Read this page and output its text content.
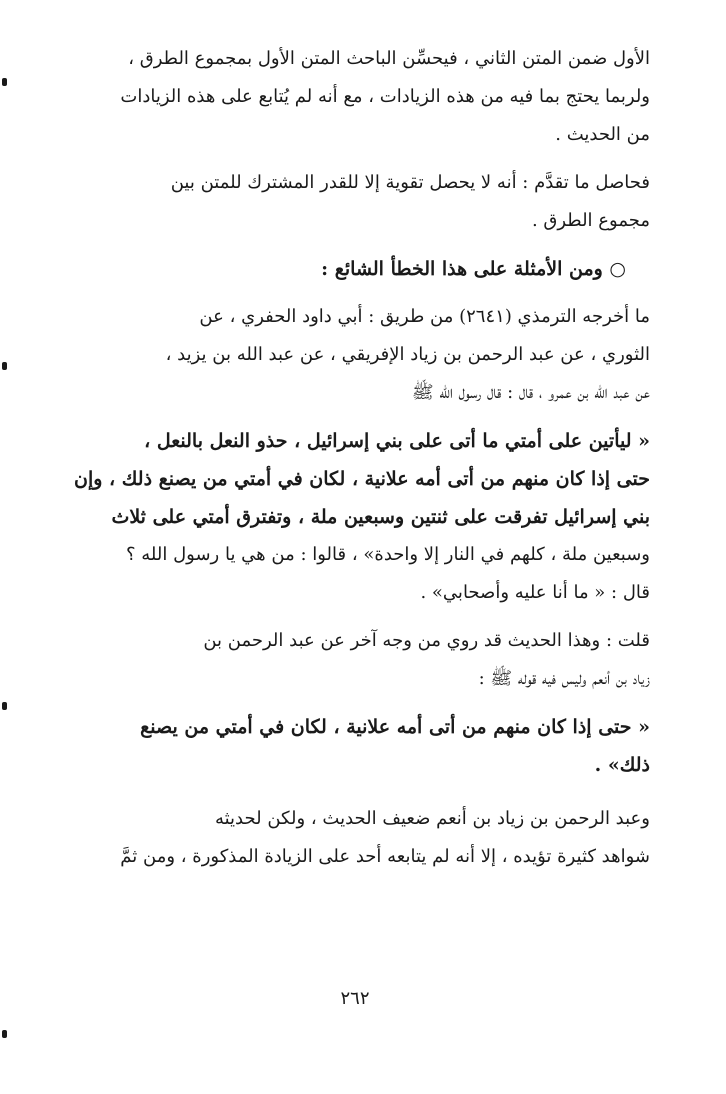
الأول ضمن المتن الثاني ، فيحسِّن الباحث المتن الأول بمجموع الطرق ،
ولربما يحتج بما فيه من هذه الزيادات ، مع أنه لم يُتابع على هذه الزيادات
من الحديث .
فحاصل ما تقدَّم : أنه لا يحصل تقوية إلا للقدر المشترك للمتن بين
مجموع الطرق .
○ ومن الأمثلة على هذا الخطأ الشائع :
ما أخرجه الترمذي (٢٦٤١) من طريق : أبي داود الحفري ، عن
الثوري ، عن عبد الرحمن بن زياد الإفريقي ، عن عبد الله بن يزيد ،
عن عبد الله بن عمرو ، قال : قال رسول الله ﷺ
« ليأتين على أمتي ما أتى على بني إسرائيل ، حذو النعل بالنعل ،
حتى إذا كان منهم من أتى أمه علانية ، لكان في أمتي من يصنع ذلك ، وإن
بني إسرائيل تفرقت على ثنتين وسبعين ملة ، وتفترق أمتي على ثلاث
وسبعين ملة ، كلهم في النار إلا واحدة» ، قالوا : من هي يا رسول الله ؟
قال : « ما أنا عليه وأصحابي» .
قلت : وهذا الحديث قد روي من وجه آخر عن عبد الرحمن بن
زياد بن أنعم وليس فيه قوله ﷺ :
« حتى إذا كان منهم من أتى أمه علانية ، لكان في أمتي من يصنع
ذلك» .
وعبد الرحمن بن زياد بن أنعم ضعيف الحديث ، ولكن لحديثه
شواهد كثيرة تؤيده ، إلا أنه لم يتابعه أحد على الزيادة المذكورة ، ومن ثمَّ
٢٦٢
